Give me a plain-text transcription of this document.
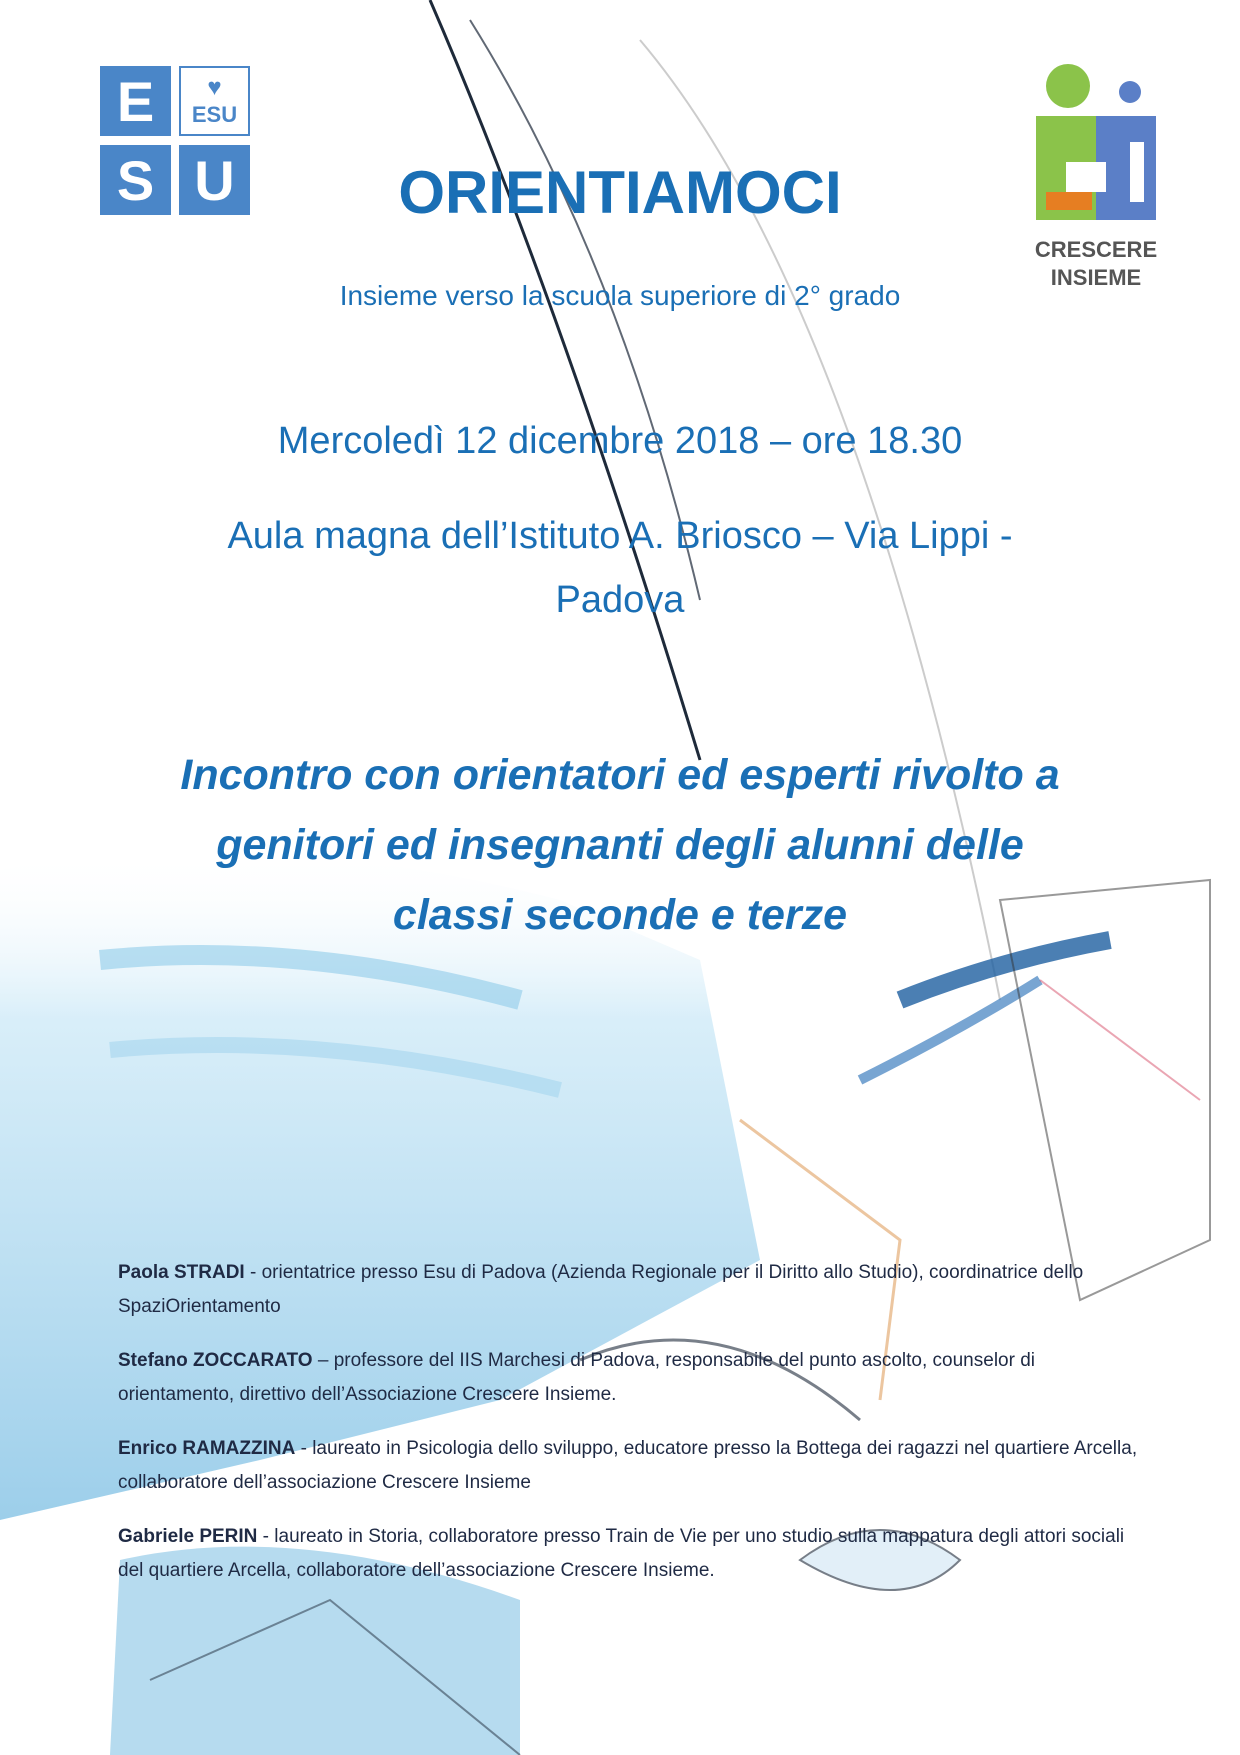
E	♥
ESU
S U
CRESCERE
INSIEME
ORIENTIAMOCI
Insieme verso la scuola superiore di 2° grado
Mercoledì 12 dicembre 2018 – ore 18.30
Aula magna dell’Istituto A. Briosco – Via Lippi -
Padova
Incontro con orientatori ed esperti rivolto a
genitori ed insegnanti degli alunni delle
classi seconde e terze

Paola STRADI - orientatrice presso Esu di Padova (Azienda Regionale per il Diritto allo Studio), coordinatrice dello SpaziOrientamento

Stefano ZOCCARATO – professore del IIS Marchesi di Padova, responsabile del punto ascolto, counselor di orientamento, direttivo dell’Associazione Crescere Insieme.

Enrico RAMAZZINA - laureato in Psicologia dello sviluppo, educatore presso la Bottega dei ragazzi nel quartiere Arcella, collaboratore dell’associazione Crescere Insieme

Gabriele PERIN - laureato in Storia, collaboratore presso Train de Vie per uno studio sulla mappatura degli attori sociali del quartiere Arcella, collaboratore dell’associazione Crescere Insieme.
